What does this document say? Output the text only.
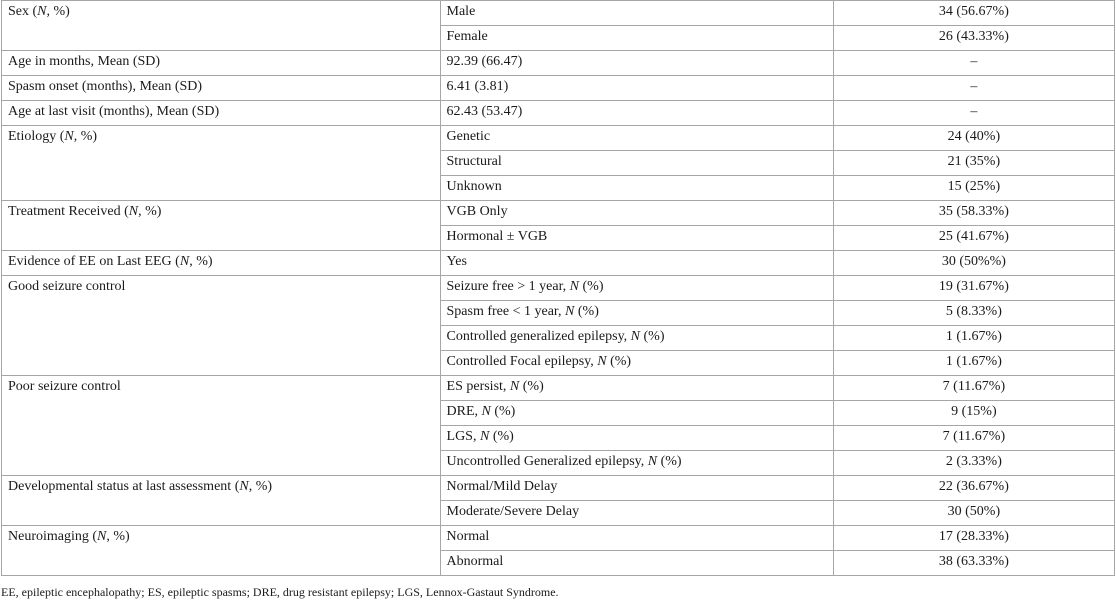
Sex (N, %)	Male	34 (56.67%)
	Female	26 (43.33%)
Age in months, Mean (SD)	92.39 (66.47)	–
Spasm onset (months), Mean (SD)	6.41 (3.81)	–
Age at last visit (months), Mean (SD)	62.43 (53.47)	–
Etiology (N, %)	Genetic	24 (40%)
	Structural	21 (35%)
	Unknown	15 (25%)
Treatment Received (N, %)	VGB Only	35 (58.33%)
	Hormonal ± VGB	25 (41.67%)
Evidence of EE on Last EEG (N, %)	Yes	30 (50%%)
Good seizure control	Seizure free > 1 year, N (%)	19 (31.67%)
	Spasm free < 1 year, N (%)	5 (8.33%)
	Controlled generalized epilepsy, N (%)	1 (1.67%)
	Controlled Focal epilepsy, N (%)	1 (1.67%)
Poor seizure control	ES persist, N (%)	7 (11.67%)
	DRE, N (%)	9 (15%)
	LGS, N (%)	7 (11.67%)
	Uncontrolled Generalized epilepsy, N (%)	2 (3.33%)
Developmental status at last assessment (N, %)	Normal/Mild Delay	22 (36.67%)
	Moderate/Severe Delay	30 (50%)
Neuroimaging (N, %)	Normal	17 (28.33%)
	Abnormal	38 (63.33%)
EE, epileptic encephalopathy; ES, epileptic spasms; DRE, drug resistant epilepsy; LGS, Lennox-Gastaut Syndrome.
